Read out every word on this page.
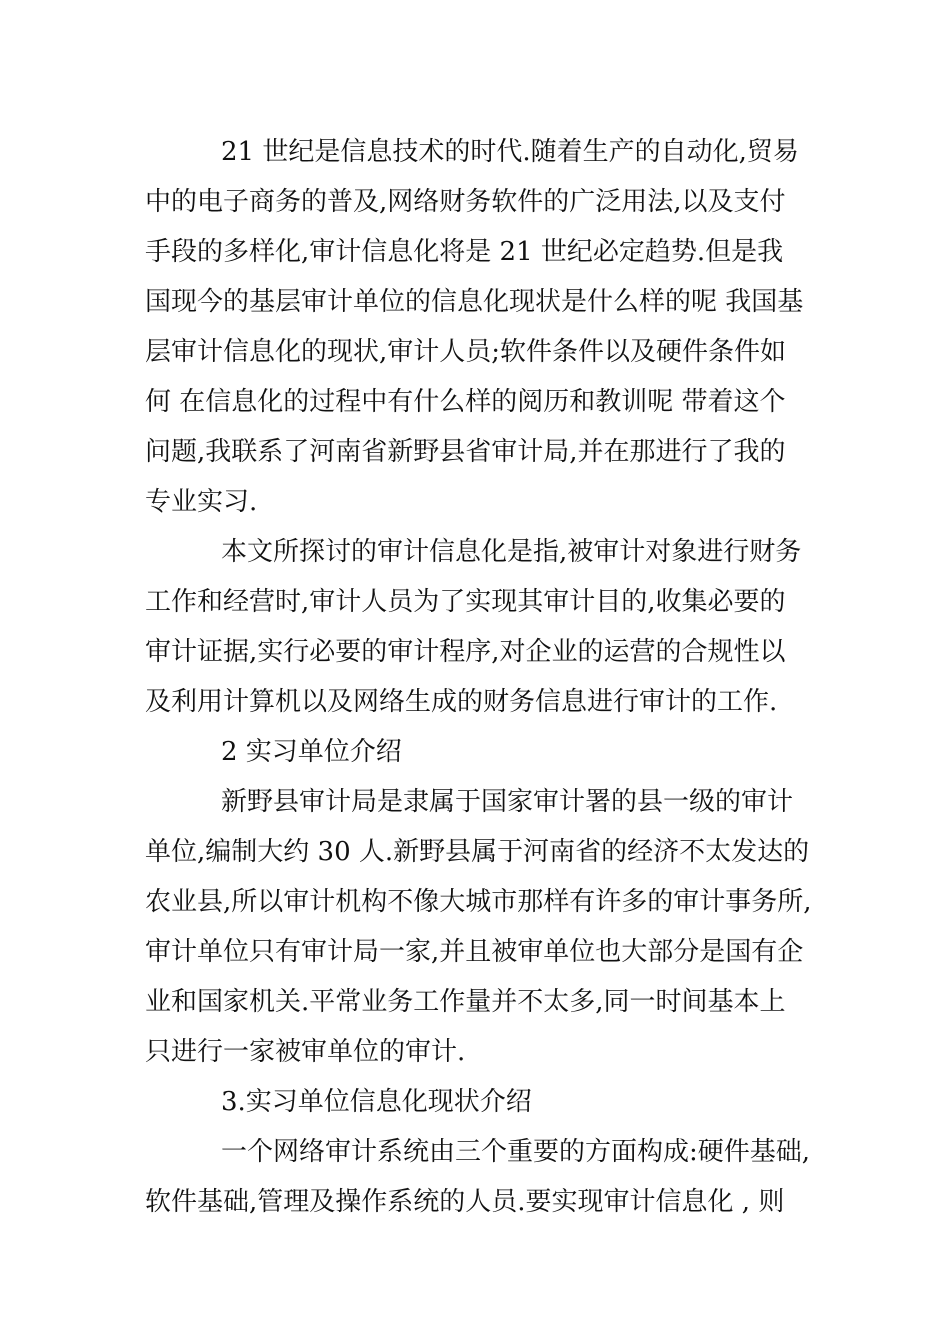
21 世纪是信息技术的时代.随着生产的自动化,贸易
中的电子商务的普及,网络财务软件的广泛用法,以及支付
手段的多样化,审计信息化将是 21 世纪必定趋势.但是我
国现今的基层审计单位的信息化现状是什么样的呢 我国基
层审计信息化的现状,审计人员;软件条件以及硬件条件如
何 在信息化的过程中有什么样的阅历和教训呢 带着这个
问题,我联系了河南省新野县省审计局,并在那进行了我的
专业实习.
本文所探讨的审计信息化是指,被审计对象进行财务
工作和经营时,审计人员为了实现其审计目的,收集必要的
审计证据,实行必要的审计程序,对企业的运营的合规性以
及利用计算机以及网络生成的财务信息进行审计的工作.
2 实习单位介绍
新野县审计局是隶属于国家审计署的县一级的审计
单位,编制大约 30 人.新野县属于河南省的经济不太发达的
农业县,所以审计机构不像大城市那样有许多的审计事务所,
审计单位只有审计局一家,并且被审单位也大部分是国有企
业和国家机关.平常业务工作量并不太多,同一时间基本上
只进行一家被审单位的审计.
3.实习单位信息化现状介绍
一个网络审计系统由三个重要的方面构成:硬件基础,
软件基础,管理及操作系统的人员.要实现审计信息化 , 则
